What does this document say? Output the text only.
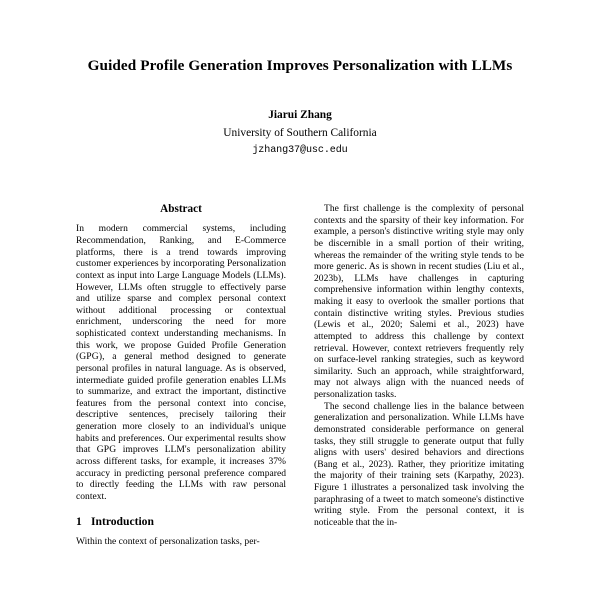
Guided Profile Generation Improves Personalization with LLMs
Jiarui Zhang
University of Southern California
jzhang37@usc.edu
Abstract

In modern commercial systems, including Recommendation, Ranking, and E-Commerce platforms, there is a trend towards improving customer experiences by incorporating Personalization context as input into Large Language Models (LLMs). However, LLMs often struggle to effectively parse and utilize sparse and complex personal context without additional processing or contextual enrichment, underscoring the need for more sophisticated context understanding mechanisms. In this work, we propose Guided Profile Generation (GPG), a general method designed to generate personal profiles in natural language. As is observed, intermediate guided profile generation enables LLMs to summarize, and extract the important, distinctive features from the personal context into concise, descriptive sentences, precisely tailoring their generation more closely to an individual's unique habits and preferences. Our experimental results show that GPG improves LLM's personalization ability across different tasks, for example, it increases 37% accuracy in predicting personal preference compared to directly feeding the LLMs with raw personal context.

1 Introduction

Within the context of personalization tasks, per-

The first challenge is the complexity of personal contexts and the sparsity of their key information. For example, a person's distinctive writing style may only be discernible in a small portion of their writing, whereas the remainder of the writing style tends to be more generic. As is shown in recent studies (Liu et al., 2023b), LLMs have challenges in capturing comprehensive information within lengthy contexts, making it easy to overlook the smaller portions that contain distinctive writing styles. Previous studies (Lewis et al., 2020; Salemi et al., 2023) have attempted to address this challenge by context retrieval. However, context retrievers frequently rely on surface-level ranking strategies, such as keyword similarity. Such an approach, while straightforward, may not always align with the nuanced needs of personalization tasks.

The second challenge lies in the balance between generalization and personalization. While LLMs have demonstrated considerable performance on general tasks, they still struggle to generate output that fully aligns with users' desired behaviors and directions (Bang et al., 2023). Rather, they prioritize imitating the majority of their training sets (Karpathy, 2023). Figure 1 illustrates a personalized task involving the paraphrasing of a tweet to match someone's distinctive writing style. From the personal context, it is noticeable that the in-
